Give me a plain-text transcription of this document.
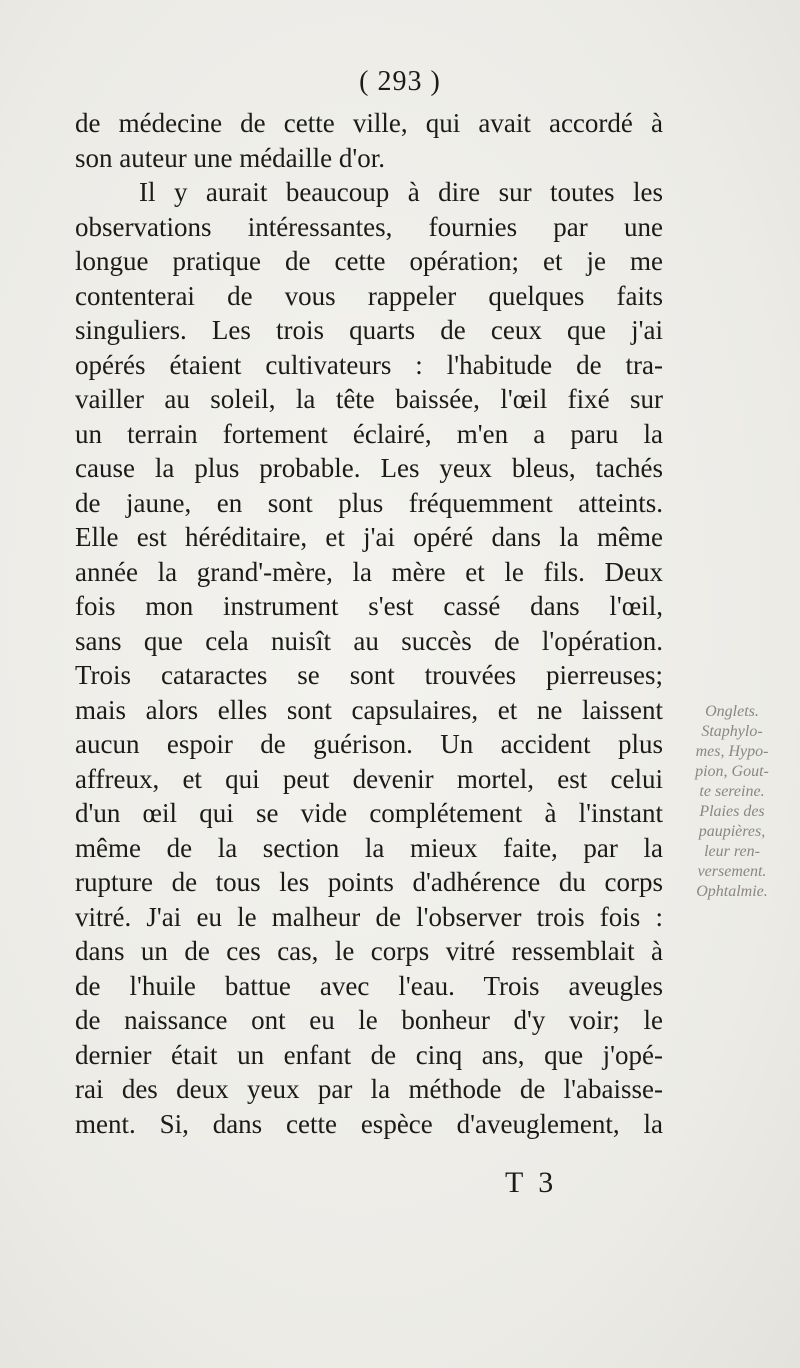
( 293 )
de médecine de cette ville, qui avait accordé à
son auteur une médaille d'or.
Il y aurait beaucoup à dire sur toutes les
observations intéressantes, fournies par une
longue pratique de cette opération; et je me
contenterai de vous rappeler quelques faits
singuliers. Les trois quarts de ceux que j'ai
opérés étaient cultivateurs : l'habitude de tra-
vailler au soleil, la tête baissée, l'œil fixé sur
un terrain fortement éclairé, m'en a paru la
cause la plus probable. Les yeux bleus, tachés
de jaune, en sont plus fréquemment atteints.
Elle est héréditaire, et j'ai opéré dans la même
année la grand'-mère, la mère et le fils. Deux
fois mon instrument s'est cassé dans l'œil,
sans que cela nuisît au succès de l'opération.
Trois cataractes se sont trouvées pierreuses;
mais alors elles sont capsulaires, et ne laissent
aucun espoir de guérison. Un accident plus
affreux, et qui peut devenir mortel, est celui
d'un œil qui se vide complétement à l'instant
même de la section la mieux faite, par la
rupture de tous les points d'adhérence du corps
vitré. J'ai eu le malheur de l'observer trois fois :
dans un de ces cas, le corps vitré ressemblait à
de l'huile battue avec l'eau. Trois aveugles
de naissance ont eu le bonheur d'y voir; le
dernier était un enfant de cinq ans, que j'opé-
rai des deux yeux par la méthode de l'abaisse-
ment. Si, dans cette espèce d'aveuglement, la
Onglets.
Staphylo-
mes, Hypo-
pion, Gout-
te sereine.
Plaies des
paupières,
leur ren-
versement.
Ophtalmie.
T 3
